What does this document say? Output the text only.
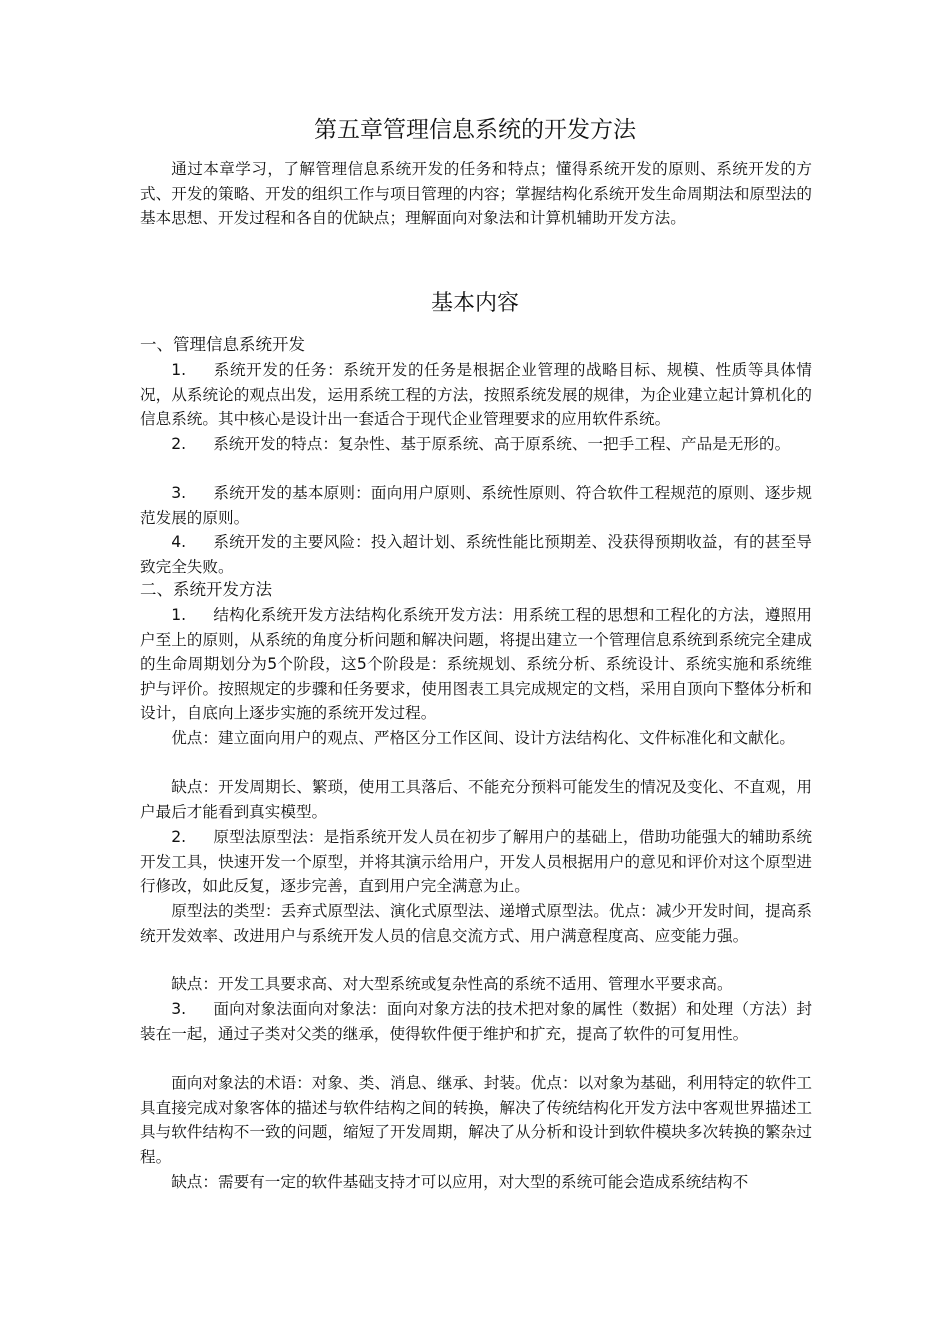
第五章管理信息系统的开发方法

通过本章学习，了解管理信息系统开发的任务和特点；懂得系统开发的原则、系统开发的方式、开发的策略、开发的组织工作与项目管理的内容；掌握结构化系统开发生命周期法和原型法的基本思想、开发过程和各自的优缺点；理解面向对象法和计算机辅助开发方法。

基本内容

一、管理信息系统开发

1. 系统开发的任务：系统开发的任务是根据企业管理的战略目标、规模、性质等具体情况，从系统论的观点出发，运用系统工程的方法，按照系统发展的规律，为企业建立起计算机化的信息系统。其中核心是设计出一套适合于现代企业管理要求的应用软件系统。

2. 系统开发的特点：复杂性、基于原系统、高于原系统、一把手工程、产品是无形的。

3. 系统开发的基本原则：面向用户原则、系统性原则、符合软件工程规范的原则、逐步规范发展的原则。

4. 系统开发的主要风险：投入超计划、系统性能比预期差、没获得预期收益，有的甚至导致完全失败。

二、系统开发方法

1. 结构化系统开发方法结构化系统开发方法：用系统工程的思想和工程化的方法，遵照用户至上的原则，从系统的角度分析问题和解决问题，将提出建立一个管理信息系统到系统完全建成的生命周期划分为5个阶段，这5个阶段是：系统规划、系统分析、系统设计、系统实施和系统维护与评价。按照规定的步骤和任务要求，使用图表工具完成规定的文档，采用自顶向下整体分析和设计，自底向上逐步实施的系统开发过程。

优点：建立面向用户的观点、严格区分工作区间、设计方法结构化、文件标准化和文献化。

缺点：开发周期长、繁琐，使用工具落后、不能充分预料可能发生的情况及变化、不直观，用户最后才能看到真实模型。

2. 原型法原型法：是指系统开发人员在初步了解用户的基础上，借助功能强大的辅助系统开发工具，快速开发一个原型，并将其演示给用户，开发人员根据用户的意见和评价对这个原型进行修改，如此反复，逐步完善，直到用户完全满意为止。

原型法的类型：丢弃式原型法、演化式原型法、递增式原型法。优点：减少开发时间，提高系统开发效率、改进用户与系统开发人员的信息交流方式、用户满意程度高、应变能力强。

缺点：开发工具要求高、对大型系统或复杂性高的系统不适用、管理水平要求高。

3. 面向对象法面向对象法：面向对象方法的技术把对象的属性（数据）和处理（方法）封装在一起，通过子类对父类的继承，使得软件便于维护和扩充，提高了软件的可复用性。

面向对象法的术语：对象、类、消息、继承、封装。优点：以对象为基础，利用特定的软件工具直接完成对象客体的描述与软件结构之间的转换，解决了传统结构化开发方法中客观世界描述工具与软件结构不一致的问题，缩短了开发周期，解决了从分析和设计到软件模块多次转换的繁杂过程。

缺点：需要有一定的软件基础支持才可以应用，对大型的系统可能会造成系统结构不
